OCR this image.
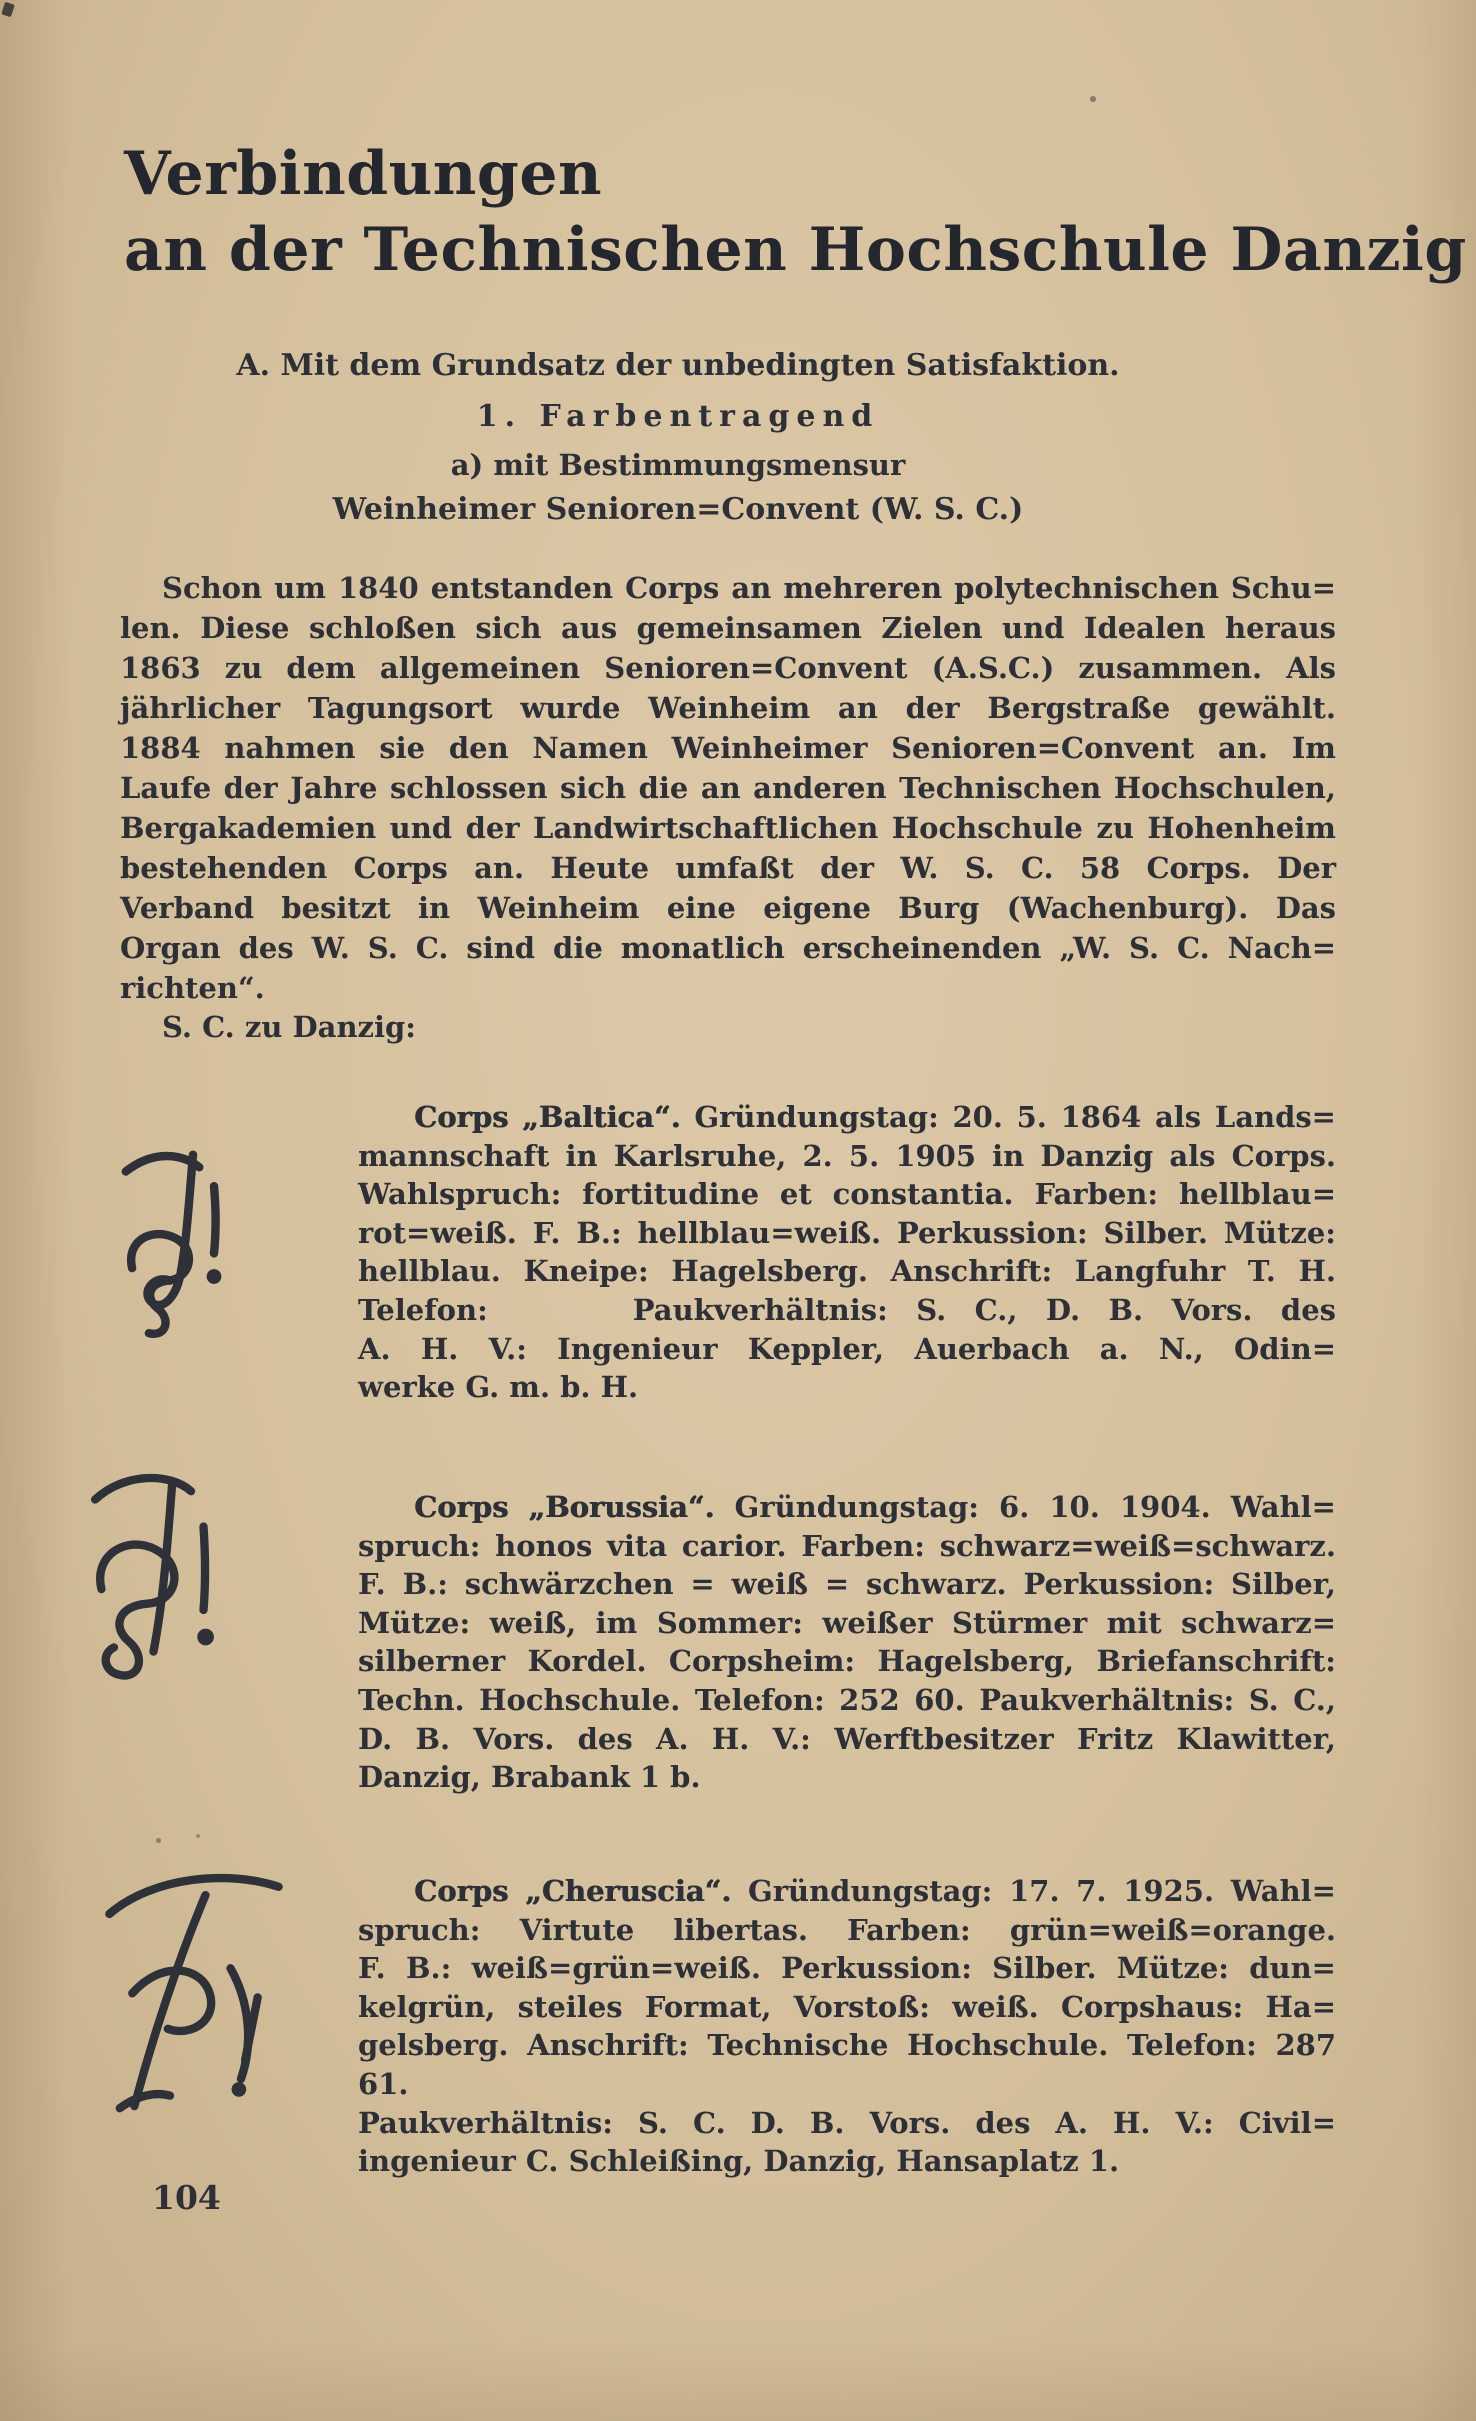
Verbindungen
an der Technischen Hochschule Danzig
A. Mit dem Grundsatz der unbedingten Satisfaktion.
1. Farbentragend
a) mit Bestimmungsmensur
Weinheimer Senioren=Convent (W. S. C.)
Schon um 1840 entstanden Corps an mehreren polytechnischen Schu=
len. Diese schloßen sich aus gemeinsamen Zielen und Idealen heraus
1863 zu dem allgemeinen Senioren=Convent (A.S.C.) zusammen. Als
jährlicher Tagungsort wurde Weinheim an der Bergstraße gewählt.
1884 nahmen sie den Namen Weinheimer Senioren=Convent an. Im
Laufe der Jahre schlossen sich die an anderen Technischen Hochschulen,
Bergakademien und der Landwirtschaftlichen Hochschule zu Hohenheim
bestehenden Corps an. Heute umfaßt der W. S. C. 58 Corps. Der
Verband besitzt in Weinheim eine eigene Burg (Wachenburg). Das
Organ des W. S. C. sind die monatlich erscheinenden „W. S. C. Nach=
richten“.
S. C. zu Danzig:
Corps „Baltica“. Gründungstag: 20. 5. 1864 als Lands=
mannschaft in Karlsruhe, 2. 5. 1905 in Danzig als Corps.
Wahlspruch: fortitudine et constantia. Farben: hellblau=
rot=weiß. F. B.: hellblau=weiß. Perkussion: Silber. Mütze:
hellblau. Kneipe: Hagelsberg. Anschrift: Langfuhr T. H.
Telefon:     Paukverhältnis: S. C., D. B. Vors. des
A. H. V.: Ingenieur Keppler, Auerbach a. N., Odin=
werke G. m. b. H.
Corps „Borussia“. Gründungstag: 6. 10. 1904. Wahl=
spruch: honos vita carior. Farben: schwarz=weiß=schwarz.
F. B.: schwärzchen = weiß = schwarz. Perkussion: Silber,
Mütze: weiß, im Sommer: weißer Stürmer mit schwarz=
silberner Kordel. Corpsheim: Hagelsberg, Briefanschrift:
Techn. Hochschule. Telefon: 252 60. Paukverhältnis: S. C.,
D. B. Vors. des A. H. V.: Werftbesitzer Fritz Klawitter,
Danzig, Brabank 1 b.
Corps „Cheruscia“. Gründungstag: 17. 7. 1925. Wahl=
spruch: Virtute libertas. Farben: grün=weiß=orange.
F. B.: weiß=grün=weiß. Perkussion: Silber. Mütze: dun=
kelgrün, steiles Format, Vorstoß: weiß. Corpshaus: Ha=
gelsberg. Anschrift: Technische Hochschule. Telefon: 287 61.
Paukverhältnis: S. C. D. B. Vors. des A. H. V.: Civil=
ingenieur C. Schleißing, Danzig, Hansaplatz 1.
104
